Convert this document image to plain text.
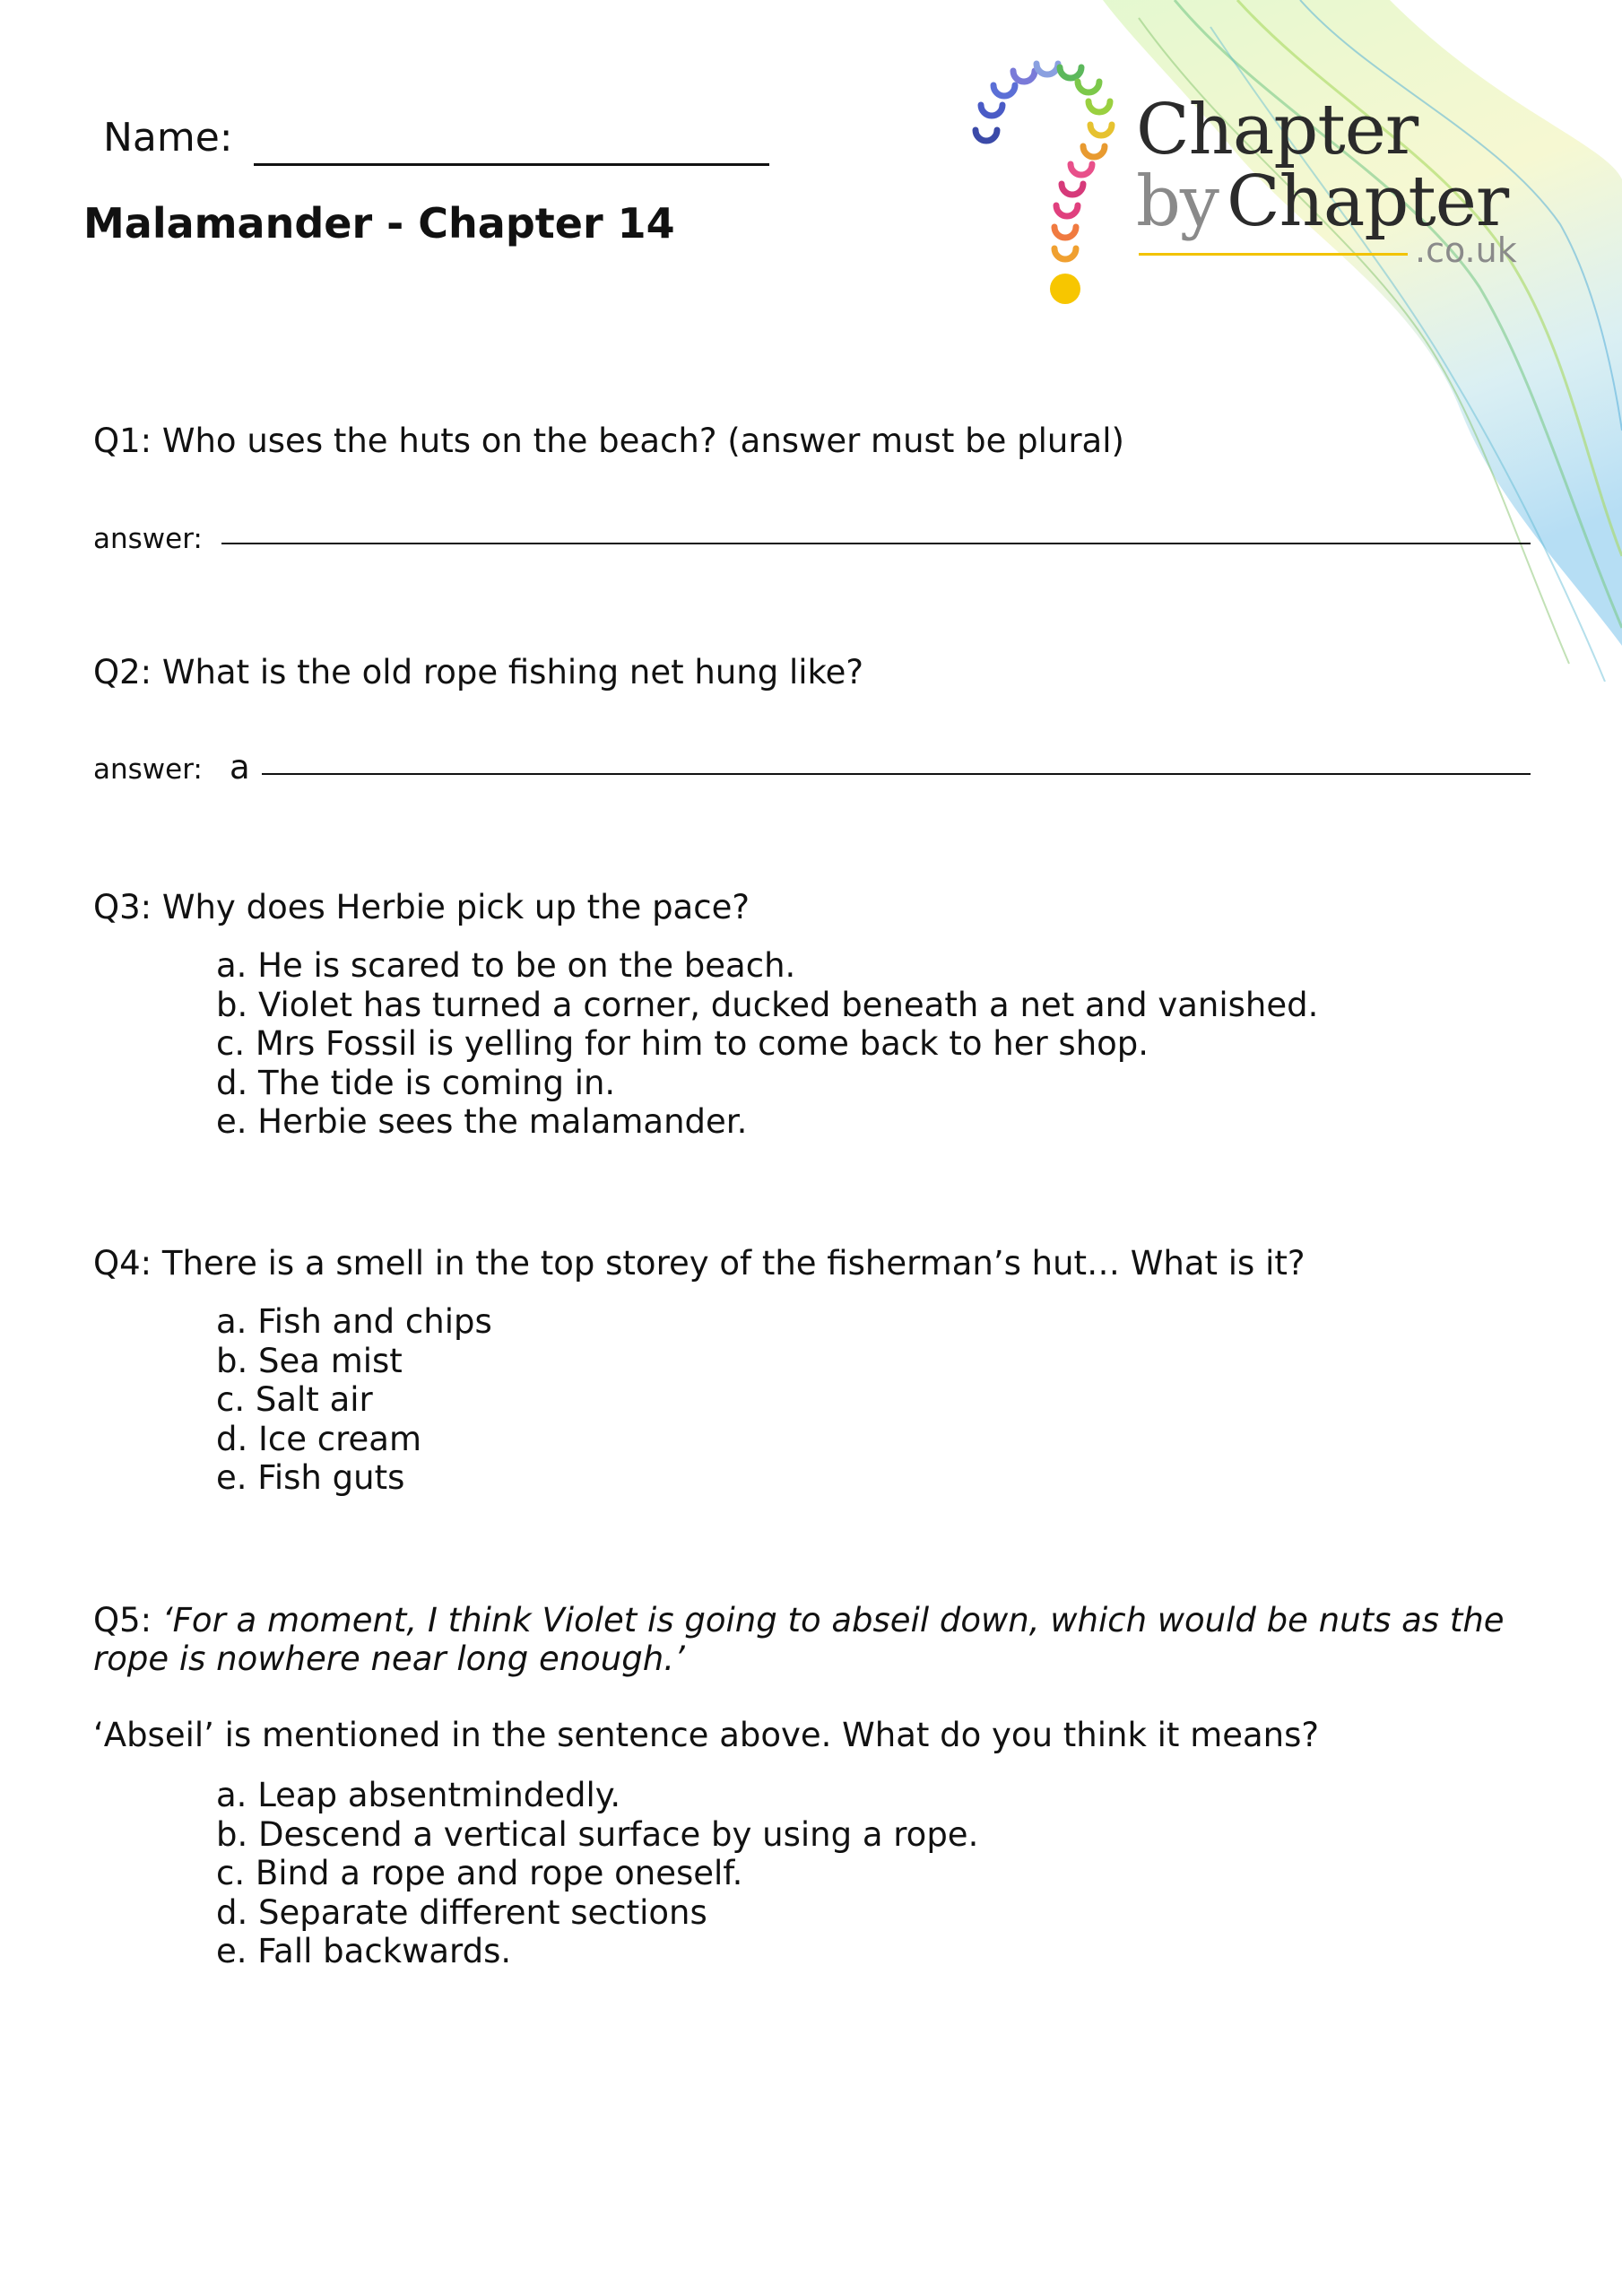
Name:
Malamander - Chapter 14
Chapter
by Chapter
.co.uk
Q1: Who uses the huts on the beach? (answer must be plural)
answer:
Q2: What is the old rope fishing net hung like?
answer: a
Q3: Why does Herbie pick up the pace?
a. He is scared to be on the beach.
b. Violet has turned a corner, ducked beneath a net and vanished.
c. Mrs Fossil is yelling for him to come back to her shop.
d. The tide is coming in.
e. Herbie sees the malamander.
Q4: There is a smell in the top storey of the fisherman’s hut… What is it?
a. Fish and chips
b. Sea mist
c. Salt air
d. Ice cream
e. Fish guts
Q5: ‘For a moment, I think Violet is going to abseil down, which would be nuts as the rope is nowhere near long enough.’
‘Abseil’ is mentioned in the sentence above. What do you think it means?
a. Leap absentmindedly.
b. Descend a vertical surface by using a rope.
c. Bind a rope and rope oneself.
d. Separate different sections
e. Fall backwards.
